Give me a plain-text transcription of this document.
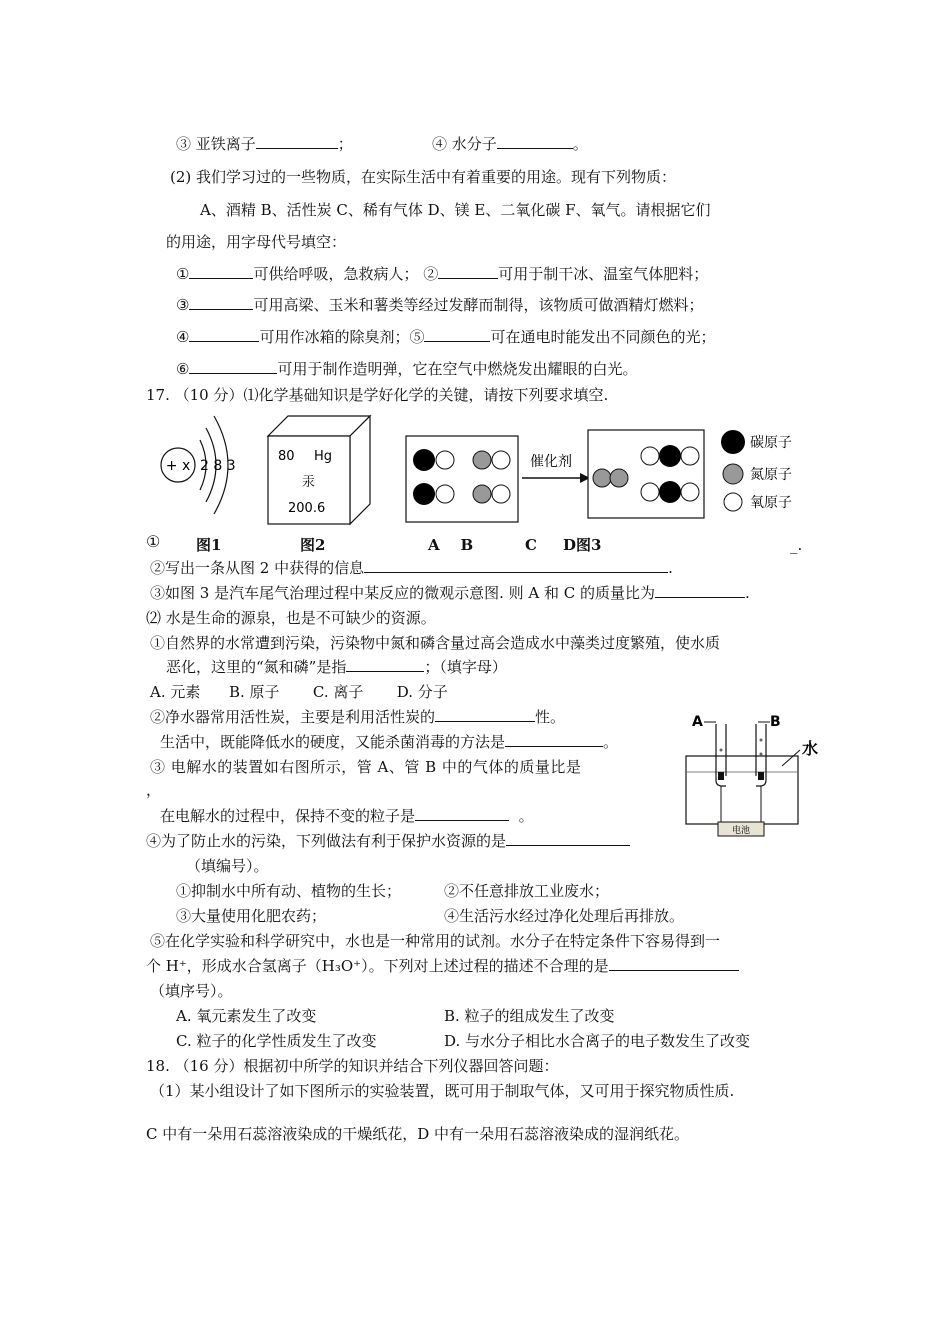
③ 亚铁离子	；	④ 水分子	。
(2) 我们学习过的一些物质，在实际生活中有着重要的用途。现有下列物质：
A、酒精 B、活性炭 C、稀有气体 D、镁 E、二氧化碳 F、氧气。请根据它们
的用途，用字母代号填空：
①	可供给呼吸，急救病人； ②	可用于制干冰、温室气体肥料；
③	可用高梁、玉米和薯类等经过发酵而制得，该物质可做酒精灯燃料；
④	可用作冰箱的除臭剂；⑤	可在通电时能发出不同颜色的光；
⑥	可用于制作造明弹，它在空气中燃烧发出耀眼的白光。
17. （10 分）⑴化学基础知识是学好化学的关键，请按下列要求填空.
+ x 2 8 3
80 Hg
汞
200.6
催化剂
碳原子
氮原子
氧原子
① 图1	图2	A    B	C D图3	_.
②写出一条从图 2 中获得的信息	.
③如图 3 是汽车尾气治理过程中某反应的微观示意图. 则 A 和 C 的质量比为	.
⑵ 水是生命的源泉，也是不可缺少的资源。
①自然界的水常遭到污染，污染物中氮和磷含量过高会造成水中藻类过度繁殖，使水质
恶化，这里的“氮和磷”是指	；（填字母）
A. 元素      B. 原子       C. 离子       D. 分子
②净水器常用活性炭，主要是利用活性炭的	性。
生活中，既能降低水的硬度，又能杀菌消毒的方法是	。
③ 电解水的装置如右图所示，管 A、管 B 中的气体的质量比是
，
在电解水的过程中，保持不变的粒子是	。
④为了防止水的污染，下列做法有利于保护水资源的是
（填编号）。
①抑制水中所有动、植物的生长；	②不任意排放工业废水；
③大量使用化肥农药；	④生活污水经过净化处理后再排放。
⑤在化学实验和科学研究中，水也是一种常用的试剂。水分子在特定条件下容易得到一
个 H⁺，形成水合氢离子（H₃O⁺）。下列对上述过程的描述不合理的是
（填序号）。
A. 氧元素发生了改变	B. 粒子的组成发生了改变
C. 粒子的化学性质发生了改变	D. 与水分子相比水合离子的电子数发生了改变
18. （16 分）根据初中所学的知识并结合下列仪器回答问题：
（1）某小组设计了如下图所示的实验装置，既可用于制取气体，又可用于探究物质性质.
C 中有一朵用石蕊溶液染成的干燥纸花，D 中有一朵用石蕊溶液染成的湿润纸花。
A	B
水
电池
